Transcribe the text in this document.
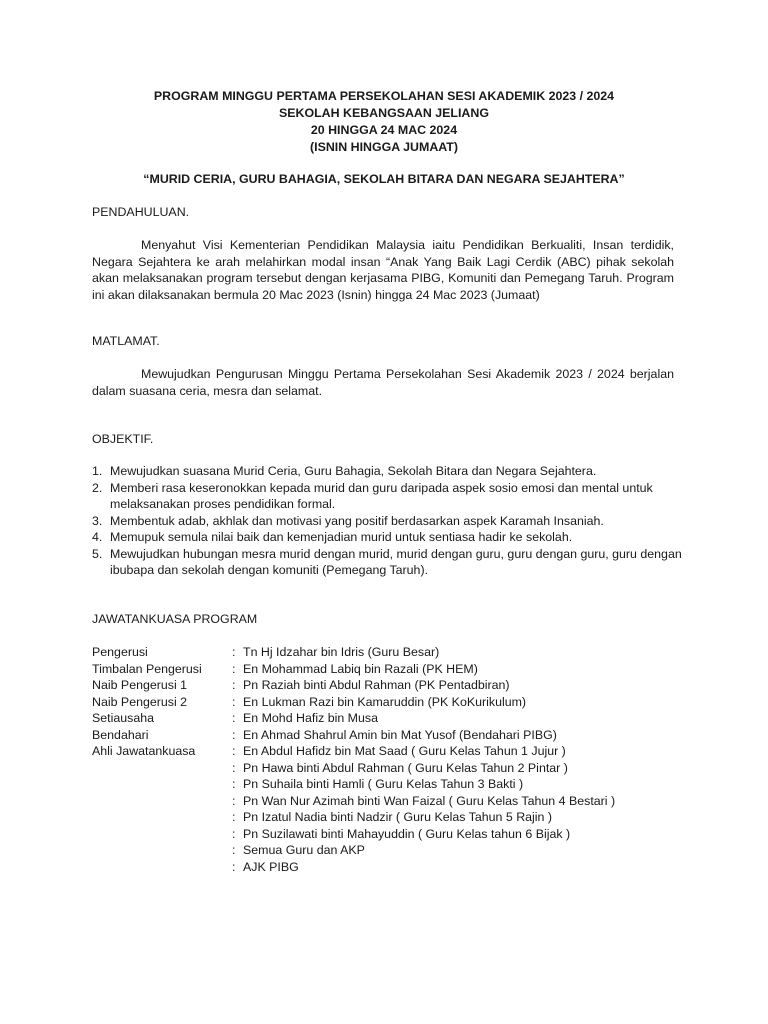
PROGRAM MINGGU PERTAMA PERSEKOLAHAN SESI AKADEMIK 2023 / 2024
SEKOLAH KEBANGSAAN JELIANG
20 HINGGA 24 MAC 2024
(ISNIN HINGGA JUMAAT)
“MURID CERIA, GURU BAHAGIA, SEKOLAH BITARA DAN NEGARA SEJAHTERA”
PENDAHULUAN.
Menyahut Visi Kementerian Pendidikan Malaysia iaitu Pendidikan Berkualiti, Insan terdidik, Negara Sejahtera ke arah melahirkan modal insan “Anak Yang Baik Lagi Cerdik (ABC) pihak sekolah akan melaksanakan program tersebut dengan kerjasama PIBG, Komuniti dan Pemegang Taruh. Program ini akan dilaksanakan bermula 20 Mac 2023 (Isnin) hingga 24 Mac 2023 (Jumaat)
MATLAMAT.
Mewujudkan Pengurusan Minggu Pertama Persekolahan Sesi Akademik 2023 / 2024 berjalan dalam suasana ceria, mesra dan selamat.
OBJEKTIF.
1. Mewujudkan suasana Murid Ceria, Guru Bahagia, Sekolah Bitara dan Negara Sejahtera.
2. Memberi rasa keseronokkan kepada murid dan guru daripada aspek sosio emosi dan mental untuk melaksanakan proses pendidikan formal.
3. Membentuk adab, akhlak dan motivasi yang positif berdasarkan aspek Karamah Insaniah.
4. Memupuk semula nilai baik dan kemenjadian murid untuk sentiasa hadir ke sekolah.
5. Mewujudkan hubungan mesra murid dengan murid, murid dengan guru, guru dengan guru, guru dengan ibubapa dan sekolah dengan komuniti (Pemegang Taruh).
JAWATANKUASA PROGRAM
Pengerusi	: Tn Hj Idzahar bin Idris (Guru Besar)
Timbalan Pengerusi	: En Mohammad Labiq bin Razali (PK HEM)
Naib Pengerusi 1	: Pn Raziah binti Abdul Rahman (PK Pentadbiran)
Naib Pengerusi 2	: En Lukman Razi bin Kamaruddin (PK KoKurikulum)
Setiausaha	: En Mohd Hafiz bin Musa
Bendahari	: En Ahmad Shahrul Amin bin Mat Yusof (Bendahari PIBG)
Ahli Jawatankuasa	: En Abdul Hafidz bin Mat Saad ( Guru Kelas Tahun 1 Jujur )
: Pn Hawa binti Abdul Rahman ( Guru Kelas Tahun 2 Pintar )
: Pn Suhaila binti Hamli ( Guru Kelas Tahun 3 Bakti )
: Pn Wan Nur Azimah binti Wan Faizal ( Guru Kelas Tahun 4 Bestari )
: Pn Izatul Nadia binti Nadzir ( Guru Kelas Tahun 5 Rajin )
: Pn Suzilawati binti Mahayuddin ( Guru Kelas tahun 6 Bijak )
: Semua Guru dan AKP
: AJK PIBG
